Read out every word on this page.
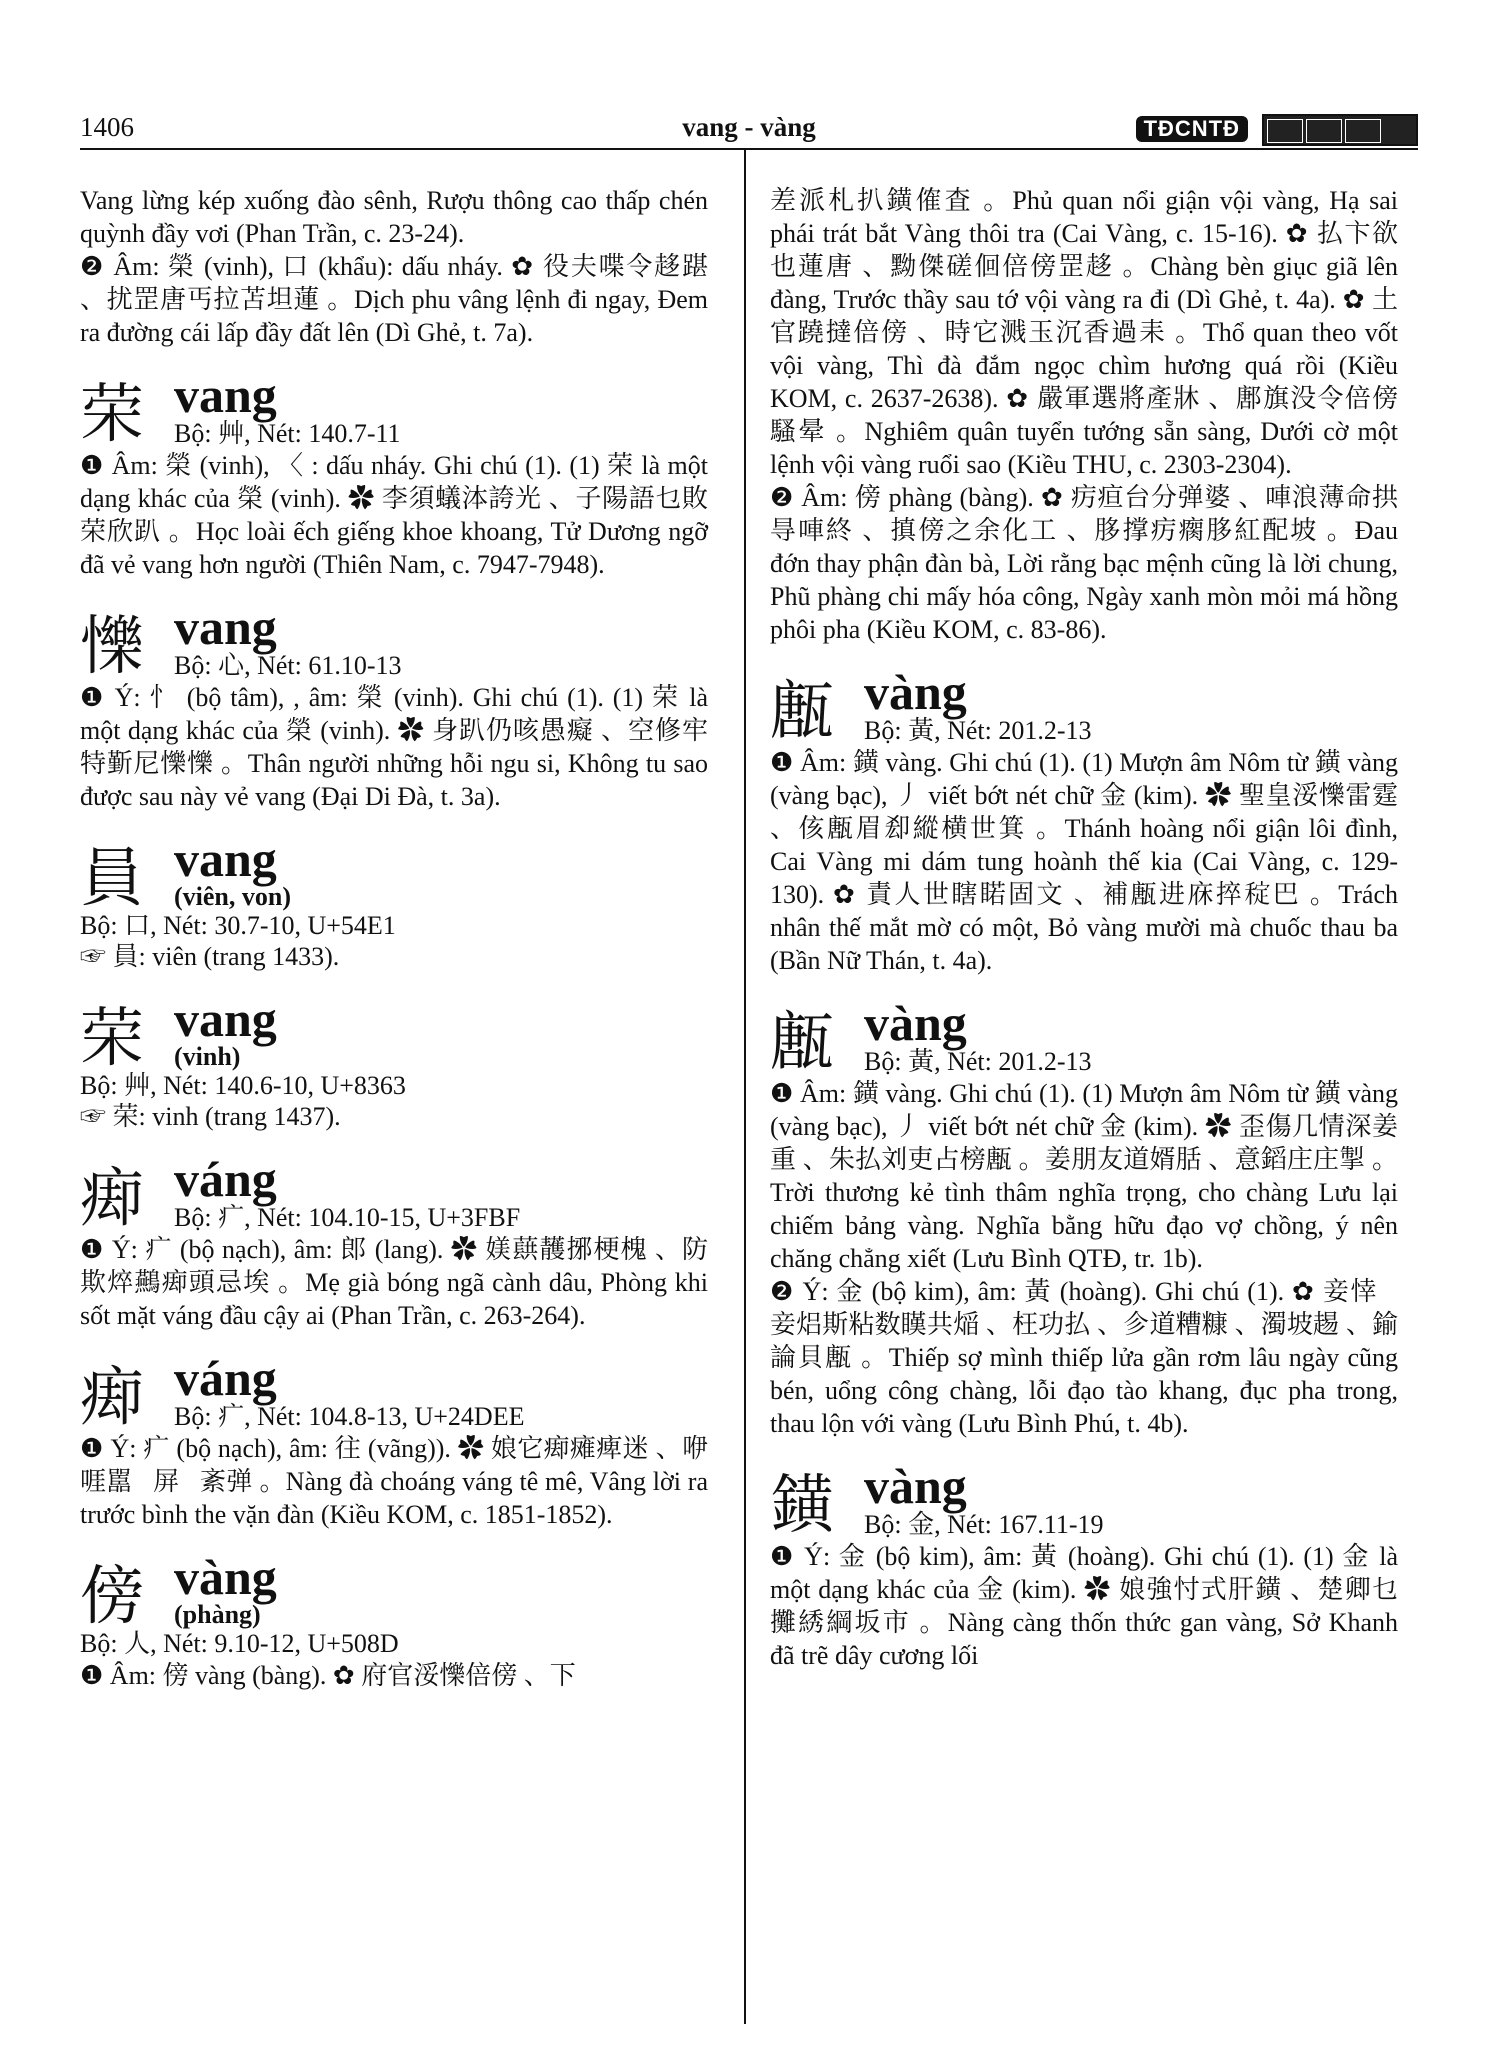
1406	vang - vàng	TĐCNTĐ

Vang lừng kép xuống đào sênh, Rượu thông cao thấp chén quỳnh đầy vơi (Phan Trần, c. 23-24).

❷ Âm: 榮 (vinh), 口 (khẩu): dấu nháy. ✿ 役夫喋令趍踸 、扰罡唐丐拉苫坦蓮 。Dịch phu vâng lệnh đi ngay, Đem ra đường cái lấp đầy đất lên (Dì Ghẻ, t. 7a).

荣 vang
Bộ: 艸, Nét: 140.7-11

❶ Âm: 榮 (vinh), 〈 : dấu nháy. Ghi chú (1). (1) 荣 là một dạng khác của 榮 (vinh). ✿ 李須蟻泍誇光 、子陽語乜敗荣欣趴 。Học loài ếch giếng khoe khoang, Tử Dương ngỡ đã vẻ vang hơn người (Thiên Nam, c. 7947-7948).

㦡 vang
Bộ: 心, Nét: 61.10-13

❶ Ý: 忄 (bộ tâm), , âm: 榮 (vinh). Ghi chú (1). (1) 荣 là một dạng khác của 榮 (vinh). ✿ 身趴仍咳愚癡 、空修牢特斳尼㦡㦡 。Thân người những hỗi ngu si, Không tu sao được sau này vẻ vang (Đại Di Đà, t. 3a).

員 vang
(viên, von)
Bộ: 口, Nét: 30.7-10, U+54E1
☞ 員: viên (trang 1433).
荣 vang
(vinh)
Bộ: 艸, Nét: 140.6-10, U+8363
☞ 荣: vinh (trang 1437).
㾡 váng
Bộ: 疒, Nét: 104.10-15, U+3FBF

❶ Ý: 疒 (bộ nạch), âm: 郎 (lang). ✿ 媄蕻䨼捓梗槐 、防欺焠䴏㾡頭忌埃 。Mẹ già bóng ngã cành dâu, Phòng khi sốt mặt váng đầu cậy ai (Phan Trần, c. 263-264).

㾡 váng
Bộ: 疒, Nét: 104.8-13, U+24DEE

❶ Ý: 疒 (bộ nạch), âm: 往 (vãng)). ✿ 娘它㾡瘫痺迷 、咿啀嚚𡗶屏𦁻紊弹 。Nàng đà choáng váng tê mê, Vâng lời ra trước bình the vặn đàn (Kiều KOM, c. 1851-1852).

傍 vàng
(phàng)
Bộ: 人, Nét: 9.10-12, U+508D

❶ Âm: 傍 vàng (bàng). ✿ 府官浽㦡倍傍 、下

差派札扒鐄傕査 。Phủ quan nổi giận vội vàng, Hạ sai phái trát bắt Vàng thôi tra (Cai Vàng, c. 15-16). ✿ 払卞欲也蓮唐 、黝傑磋佪倍傍罡趍 。Chàng bèn giục giã lên đàng, Trước thầy sau tớ vội vàng ra đi (Dì Ghẻ, t. 4a). ✿ 土官蹺撻倍傍 、時它溅玉沉香過耒 。Thổ quan theo vốt vội vàng, Thì đà đắm ngọc chìm hương quá rồi (Kiều KOM, c. 2637-2638). ✿ 嚴軍選將產牀 、鄌旗没令倍傍騷晕 。Nghiêm quân tuyển tướng sẵn sàng, Dưới cờ một lệnh vội vàng ruổi sao (Kiều THU, c. 2303-2304).

❷ Âm: 傍 phàng (bàng). ✿ 疠疸台分弹婆 、唓浪薄命拱㝵唓終 、搷傍之余化工 、䏧撑疠瘸䏧紅配坡 。Đau đớn thay phận đàn bà, Lời rằng bạc mệnh cũng là lời chung, Phũ phàng chi mấy hóa công, Ngày xanh mòn mỏi má hồng phôi pha (Kiều KOM, c. 83-86).

㼺 vàng
Bộ: 黃, Nét: 201.2-13

❶ Âm: 鐄 vàng. Ghi chú (1). (1) Mượn âm Nôm từ 鐄 vàng (vàng bạc), 丿 viết bớt nét chữ 金 (kim). ✿ 聖皇浽㦡雷霆 、侅㼺眉㕁縱横世箕 。Thánh hoàng nổi giận lôi đình, Cai Vàng mi dám tung hoành thế kia (Cai Vàng, c. 129-130). ✿ 責人世瞎睰固文 、補㼺进庥捽𥟐巴 。Trách nhân thế mắt mờ có một, Bỏ vàng mười mà chuốc thau ba (Bần Nữ Thán, t. 4a).

㼺 vàng
Bộ: 黃, Nét: 201.2-13

❶ Âm: 鐄 vàng. Ghi chú (1). (1) Mượn âm Nôm từ 鐄 vàng (vàng bạc), 丿 viết bớt nét chữ 金 (kim). ✿ 歪傷几情深姜重 、朱払刘吏占榜㼺 。姜朋友道婿䏦 、意䤾庄庄掣 。Trời thương kẻ tình thâm nghĩa trọng, cho chàng Lưu lại chiếm bảng vàng. Nghĩa bằng hữu đạo vợ chồng, ý nên chăng chẳng xiết (Lưu Bình QTĐ, tr. 1b).

❷ Ý: 金 (bộ kim), âm: 黃 (hoàng). Ghi chú (1). ✿ 妾悻𠆳妾焒斯粘数䁧共㷔 、枉功払 、㐱道糟糠 、濁坡䞶 、鍮論貝㼺 。Thiếp sợ mình thiếp lửa gần rơm lâu ngày cũng bén, uổng công chàng, lỗi đạo tào khang, đục pha trong, thau lộn với vàng (Lưu Bình Phú, t. 4b).

鐄 vàng
Bộ: 金, Nét: 167.11-19

❶ Ý: 金 (bộ kim), âm: 黃 (hoàng). Ghi chú (1). (1) 金 là một dạng khác của 金 (kim). ✿ 娘強忖式肝鐄 、楚卿乜攤綉綱坂市 。Nàng càng thốn thức gan vàng, Sở Khanh đã trẽ dây cương lối
